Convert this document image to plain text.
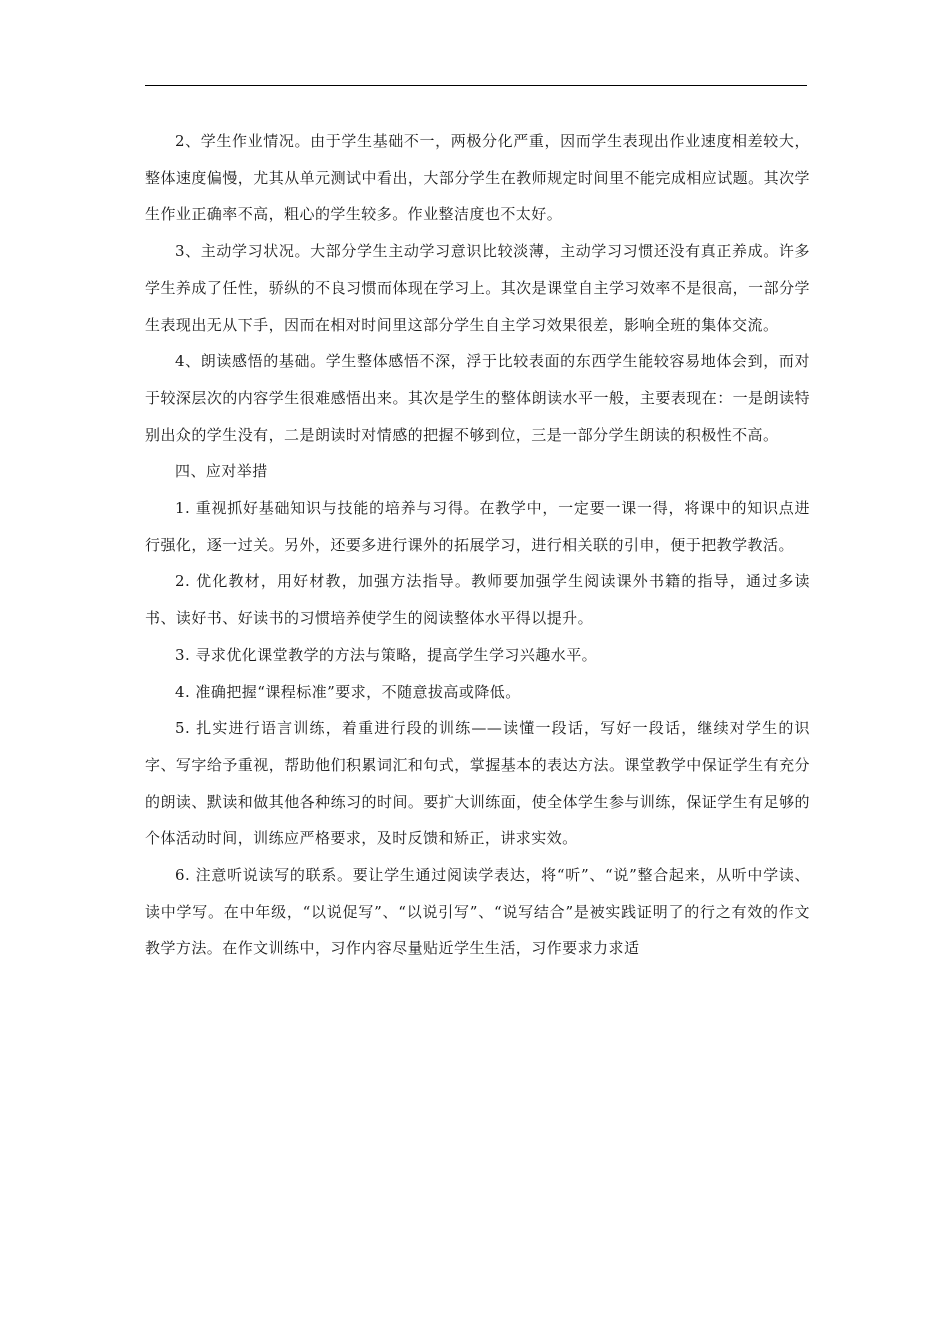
2、学生作业情况。由于学生基础不一，两极分化严重，因而学生表现出作业速度相差较大，整体速度偏慢，尤其从单元测试中看出，大部分学生在教师规定时间里不能完成相应试题。其次学生作业正确率不高，粗心的学生较多。作业整洁度也不太好。

3、主动学习状况。大部分学生主动学习意识比较淡薄，主动学习习惯还没有真正养成。许多学生养成了任性，骄纵的不良习惯而体现在学习上。其次是课堂自主学习效率不是很高，一部分学生表现出无从下手，因而在相对时间里这部分学生自主学习效果很差，影响全班的集体交流。

4、朗读感悟的基础。学生整体感悟不深，浮于比较表面的东西学生能较容易地体会到，而对于较深层次的内容学生很难感悟出来。其次是学生的整体朗读水平一般，主要表现在：一是朗读特别出众的学生没有，二是朗读时对情感的把握不够到位，三是一部分学生朗读的积极性不高。

四、应对举措

1. 重视抓好基础知识与技能的培养与习得。在教学中，一定要一课一得，将课中的知识点进行强化，逐一过关。另外，还要多进行课外的拓展学习，进行相关联的引申，便于把教学教活。

2. 优化教材，用好材教，加强方法指导。教师要加强学生阅读课外书籍的指导，通过多读书、读好书、好读书的习惯培养使学生的阅读整体水平得以提升。

3. 寻求优化课堂教学的方法与策略，提高学生学习兴趣水平。

4. 准确把握“课程标准”要求，不随意拔高或降低。

5. 扎实进行语言训练，着重进行段的训练——读懂一段话，写好一段话，继续对学生的识字、写字给予重视，帮助他们积累词汇和句式，掌握基本的表达方法。课堂教学中保证学生有充分的朗读、默读和做其他各种练习的时间。要扩大训练面，使全体学生参与训练，保证学生有足够的个体活动时间，训练应严格要求，及时反馈和矫正，讲求实效。

6. 注意听说读写的联系。要让学生通过阅读学表达，将“听”、“说”整合起来，从听中学读、读中学写。在中年级，“以说促写”、“以说引写”、“说写结合”是被实践证明了的行之有效的作文教学方法。在作文训练中，习作内容尽量贴近学生生活，习作要求力求适
